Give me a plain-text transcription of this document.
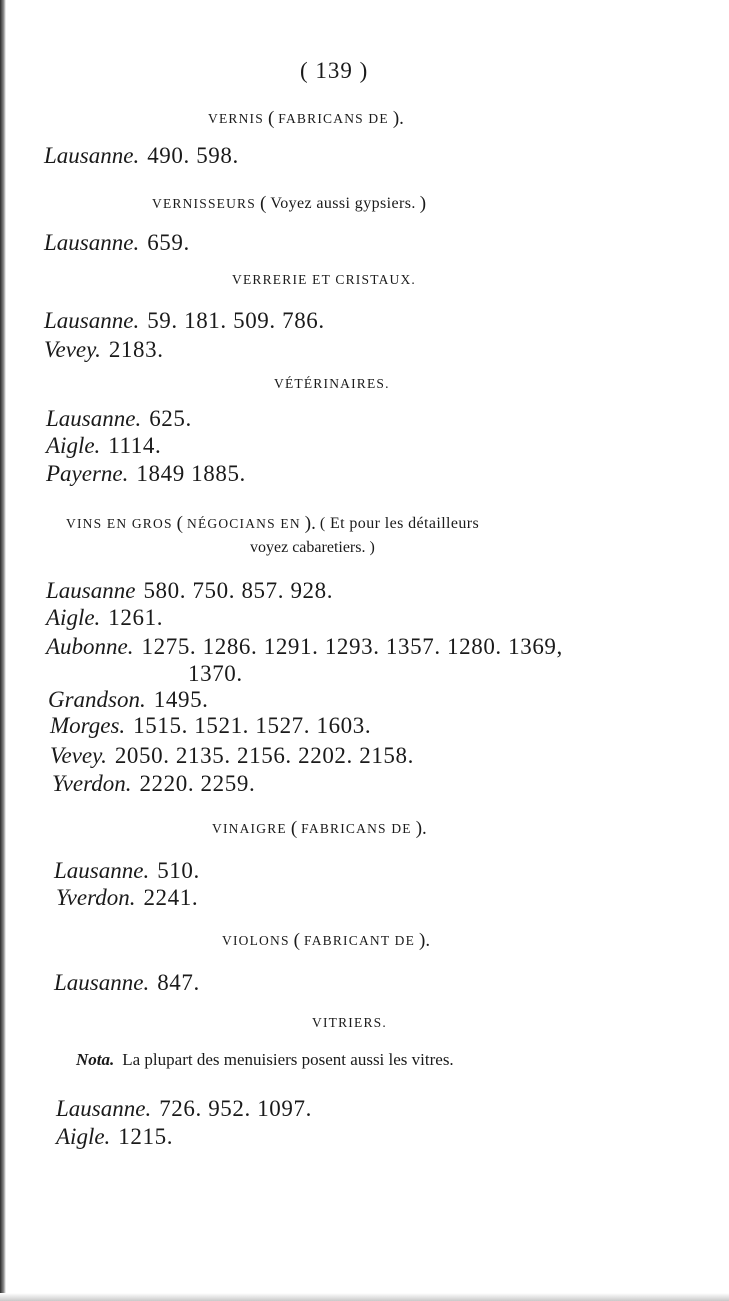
( 139 )
VERNIS ( FABRICANS DE ).
Lausanne. 490. 598.
VERNISSEURS ( Voyez aussi gypsiers. )
Lausanne. 659.
VERRERIE ET CRISTAUX.
Lausanne. 59. 181. 509. 786.
Vevey. 2183.
VÉTÉRINAIRES.
Lausanne. 625.
Aigle. 1114.
Payerne. 1849 1885.
VINS EN GROS ( NÉGOCIANS EN ). ( Et pour les détailleurs
voyez cabaretiers. )
Lausanne 580. 750. 857. 928.
Aigle. 1261.
Aubonne. 1275. 1286. 1291. 1293. 1357. 1280. 1369,
1370.
Grandson. 1495.
Morges. 1515. 1521. 1527. 1603.
Vevey. 2050. 2135. 2156. 2202. 2158.
Yverdon. 2220. 2259.
VINAIGRE ( FABRICANS DE ).
Lausanne. 510.
Yverdon. 2241.
VIOLONS ( FABRICANT DE ).
Lausanne. 847.
VITRIERS.
Nota. La plupart des menuisiers posent aussi les vitres.
Lausanne. 726. 952. 1097.
Aigle. 1215.
